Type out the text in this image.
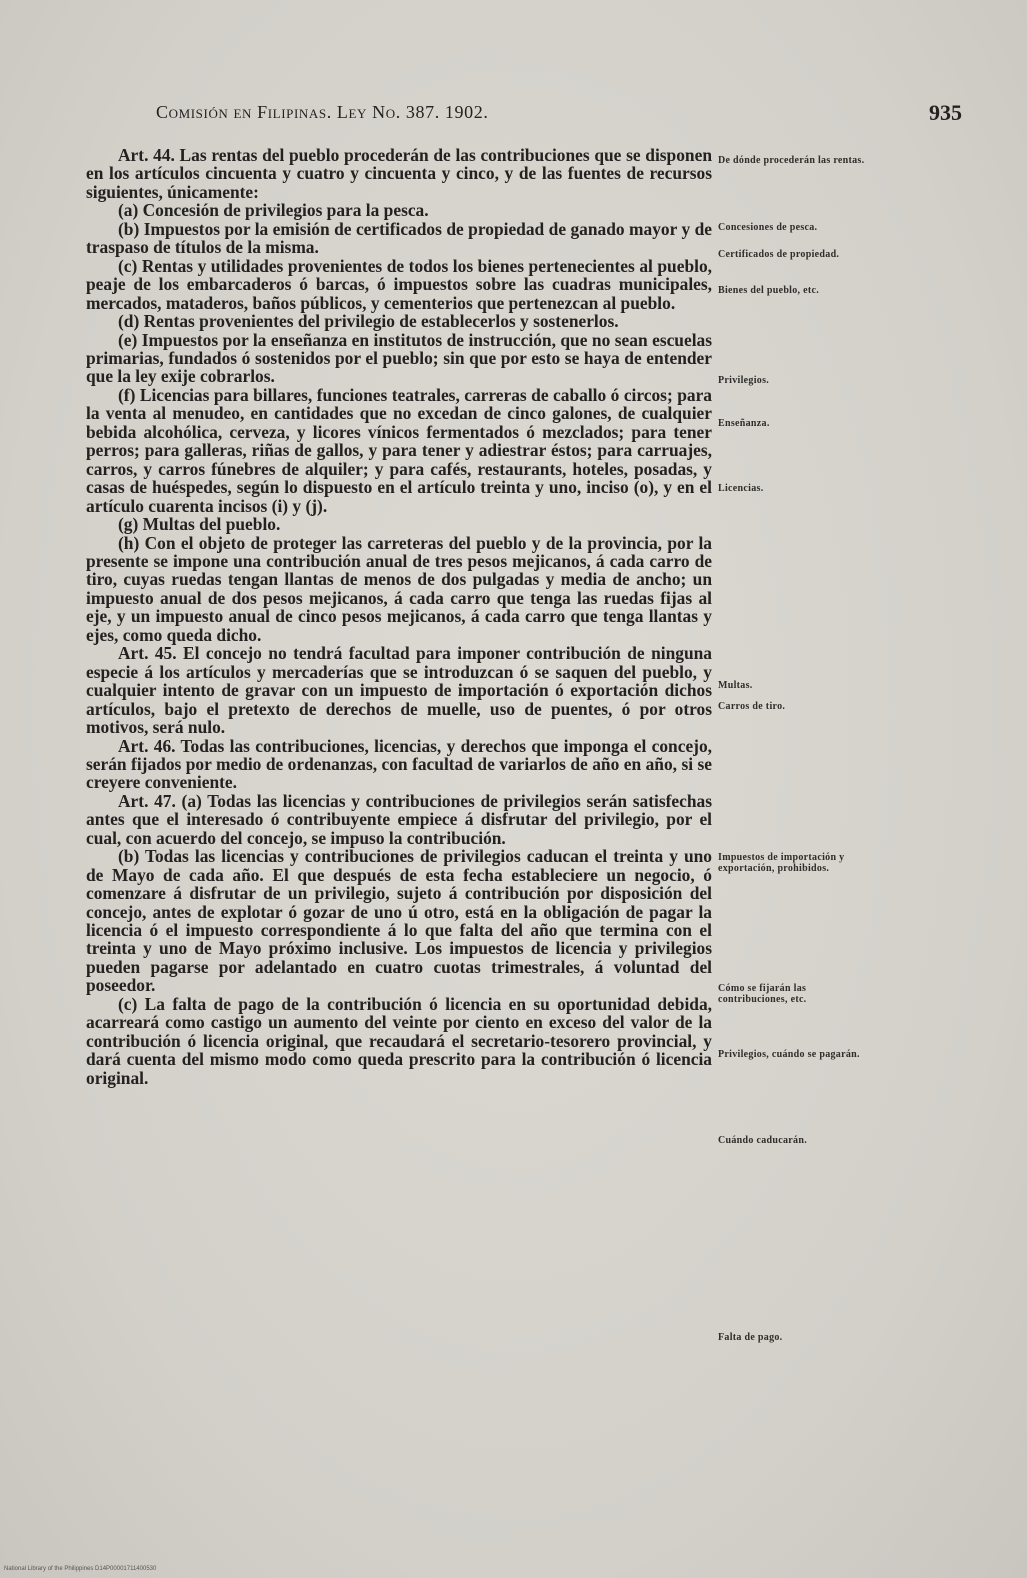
Comisión en Filipinas. Ley No. 387. 1902.	935

Art. 44. Las rentas del pueblo procederán de las contribuciones que se disponen en los artículos cincuenta y cuatro y cincuenta y cinco, y de las fuentes de recursos siguientes, únicamente:

(a) Concesión de privilegios para la pesca.

(b) Impuestos por la emisión de certificados de propiedad de ganado mayor y de traspaso de títulos de la misma.

(c) Rentas y utilidades provenientes de todos los bienes pertenecientes al pueblo, peaje de los embarcaderos ó barcas, ó impuestos sobre las cuadras municipales, mercados, mataderos, baños públicos, y cementerios que pertenezcan al pueblo.

(d) Rentas provenientes del privilegio de establecerlos y sostenerlos.

(e) Impuestos por la enseñanza en institutos de instrucción, que no sean escuelas primarias, fundados ó sostenidos por el pueblo; sin que por esto se haya de entender que la ley exije cobrarlos.

(f) Licencias para billares, funciones teatrales, carreras de caballo ó circos; para la venta al menudeo, en cantidades que no excedan de cinco galones, de cualquier bebida alcohólica, cerveza, y licores vínicos fermentados ó mezclados; para tener perros; para galleras, riñas de gallos, y para tener y adiestrar éstos; para carruajes, carros, y carros fúnebres de alquiler; y para cafés, restaurants, hoteles, posadas, y casas de huéspedes, según lo dispuesto en el artículo treinta y uno, inciso (o), y en el artículo cuarenta incisos (i) y (j).

(g) Multas del pueblo.

(h) Con el objeto de proteger las carreteras del pueblo y de la provincia, por la presente se impone una contribución anual de tres pesos mejicanos, á cada carro de tiro, cuyas ruedas tengan llantas de menos de dos pulgadas y media de ancho; un impuesto anual de dos pesos mejicanos, á cada carro que tenga las ruedas fijas al eje, y un impuesto anual de cinco pesos mejicanos, á cada carro que tenga llantas y ejes, como queda dicho.

Art. 45. El concejo no tendrá facultad para imponer contribución de ninguna especie á los artículos y mercaderías que se introduzcan ó se saquen del pueblo, y cualquier intento de gravar con un impuesto de importación ó exportación dichos artículos, bajo el pretexto de derechos de muelle, uso de puentes, ó por otros motivos, será nulo.

Art. 46. Todas las contribuciones, licencias, y derechos que imponga el concejo, serán fijados por medio de ordenanzas, con facultad de variarlos de año en año, si se creyere conveniente.

Art. 47. (a) Todas las licencias y contribuciones de privilegios serán satisfechas antes que el interesado ó contribuyente empiece á disfrutar del privilegio, por el cual, con acuerdo del concejo, se impuso la contribución.

(b) Todas las licencias y contribuciones de privilegios caducan el treinta y uno de Mayo de cada año. El que después de esta fecha estableciere un negocio, ó comenzare á disfrutar de un privilegio, sujeto á contribución por disposición del concejo, antes de explotar ó gozar de uno ú otro, está en la obligación de pagar la licencia ó el impuesto correspondiente á lo que falta del año que termina con el treinta y uno de Mayo próximo inclusive. Los impuestos de licencia y privilegios pueden pagarse por adelantado en cuatro cuotas trimestrales, á voluntad del poseedor.

(c) La falta de pago de la contribución ó licencia en su oportunidad debida, acarreará como castigo un aumento del veinte por ciento en exceso del valor de la contribución ó licencia original, que recaudará el secretario-tesorero provincial, y dará cuenta del mismo modo como queda prescrito para la contribución ó licencia original.

De dónde procederán las rentas.
Concesiones de pesca.
Certificados de propiedad.
Bienes del pueblo, etc.
Privilegios.
Enseñanza.
Licencias.
Multas.
Carros de tiro.
Impuestos de importación y exportación, prohibidos.
Cómo se fijarán las contribuciones, etc.
Privilegios, cuándo se pagarán.
Cuándo caducarán.
Falta de pago.
National Library of the Philippines D14P00001711400530
